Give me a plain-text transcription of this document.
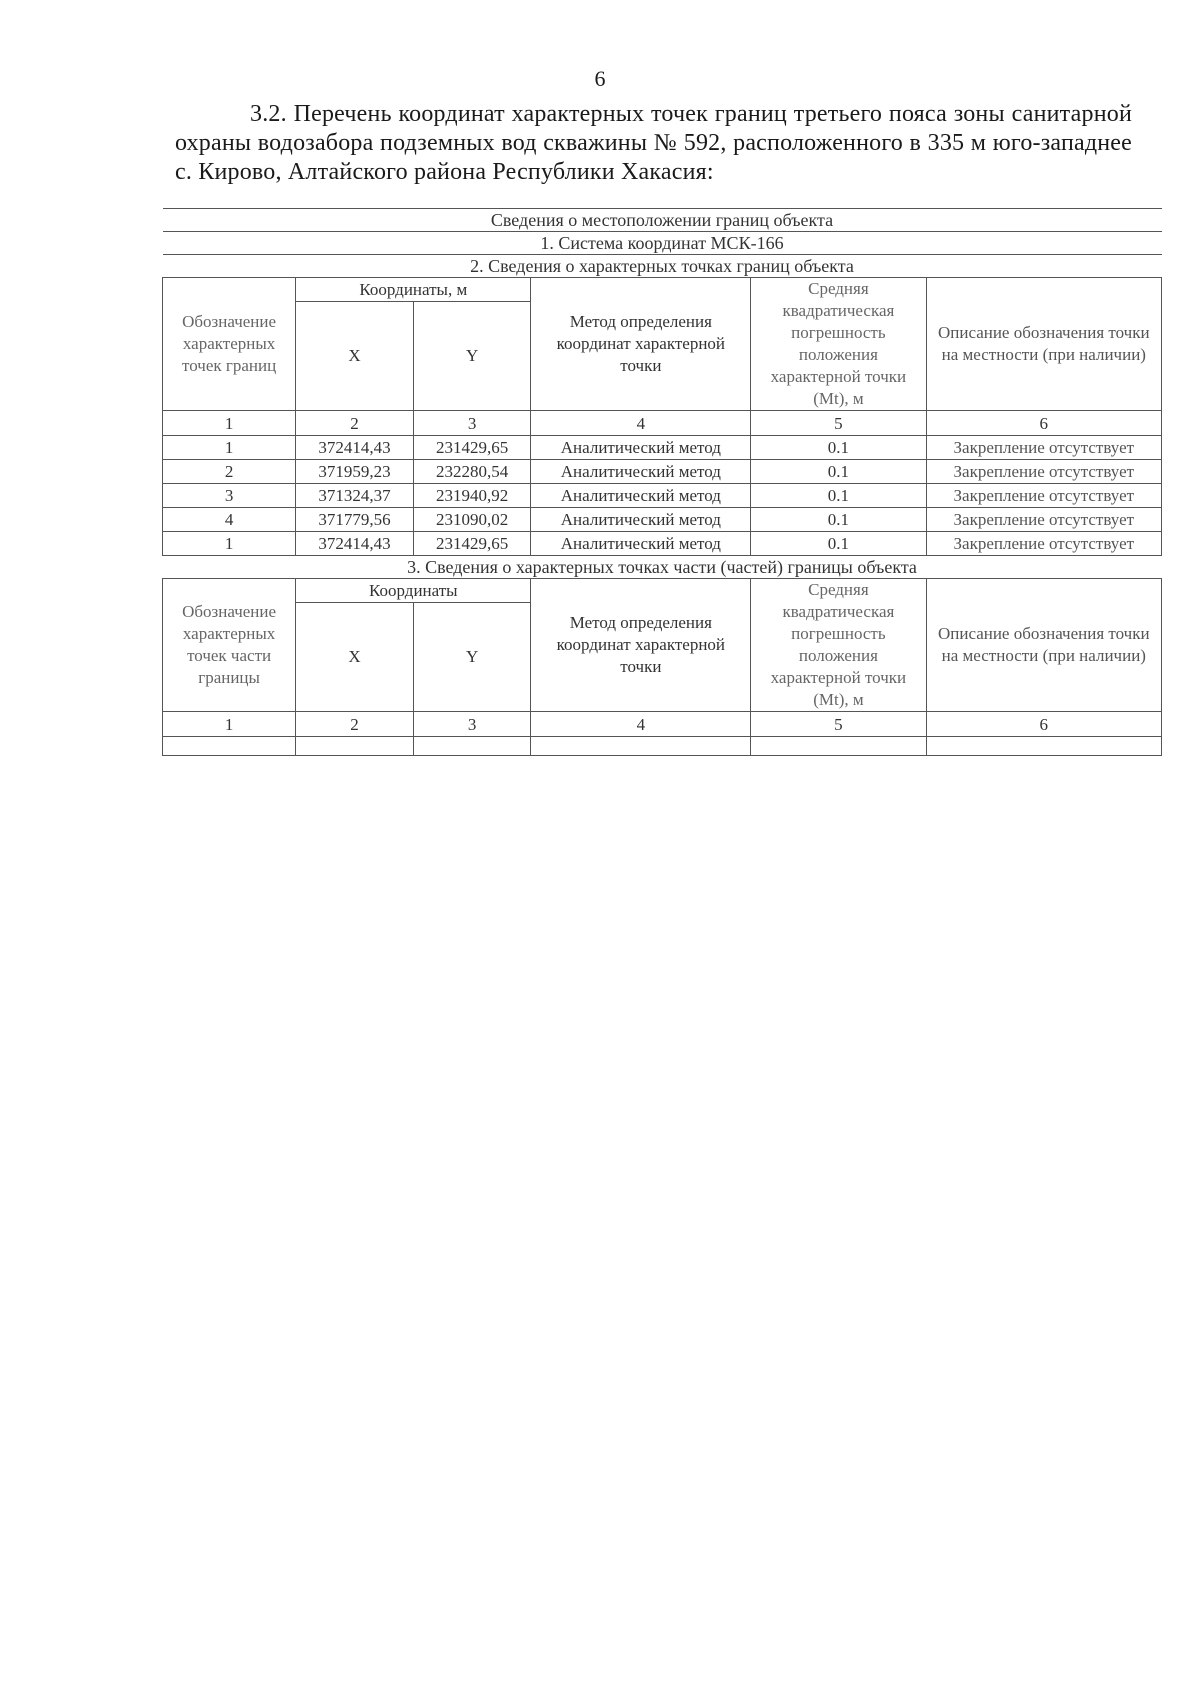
6

3.2. Перечень координат характерных точек границ третьего пояса зоны санитарной охраны водозабора подземных вод скважины № 592, расположенного в 335 м юго-западнее с. Кирово, Алтайского района Республики Хакасия:

Сведения о местоположении границ объекта					
1. Система координат МСК-166					
2. Сведения о характерных точках границ объекта					
Обозначение характерных точек границ	Координаты, м		Метод определения координат характерной точки	Средняя квадратическая погрешность положения характерной точки (Mt), м	Описание обозначения точки на местности (при наличии)
	X	Y			
1	2	3	4	5	6
1	372414,43	231429,65	Аналитический метод	0.1	Закрепление отсутствует
2	371959,23	232280,54	Аналитический метод	0.1	Закрепление отсутствует
3	371324,37	231940,92	Аналитический метод	0.1	Закрепление отсутствует
4	371779,56	231090,02	Аналитический метод	0.1	Закрепление отсутствует
1	372414,43	231429,65	Аналитический метод	0.1	Закрепление отсутствует
3. Сведения о характерных точках части (частей) границы объекта					
Обозначение характерных точек части границы	Координаты		Метод определения координат характерной точки	Средняя квадратическая погрешность положения характерной точки (Mt), м	Описание обозначения точки на местности (при наличии)
	X	Y			
1	2	3	4	5	6
